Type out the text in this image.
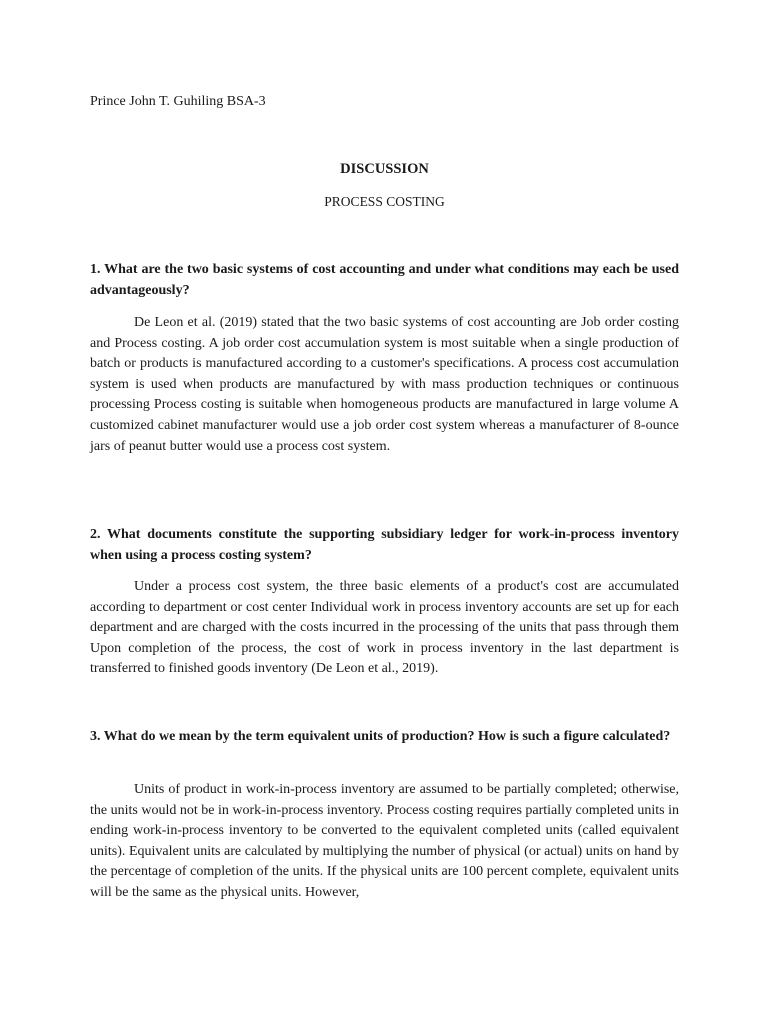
Prince John T. Guhiling BSA-3
DISCUSSION
PROCESS COSTING
1. What are the two basic systems of cost accounting and under what conditions may each be used advantageously?
De Leon et al. (2019) stated that the two basic systems of cost accounting are Job order costing and Process costing. A job order cost accumulation system is most suitable when a single production of batch or products is manufactured according to a customer's specifications. A process cost accumulation system is used when products are manufactured by with mass production techniques or continuous processing Process costing is suitable when homogeneous products are manufactured in large volume A customized cabinet manufacturer would use a job order cost system whereas a manufacturer of 8-ounce jars of peanut butter would use a process cost system.
2. What documents constitute the supporting subsidiary ledger for work-in-process inventory when using a process costing system?
Under a process cost system, the three basic elements of a product's cost are accumulated according to department or cost center Individual work in process inventory accounts are set up for each department and are charged with the costs incurred in the processing of the units that pass through them Upon completion of the process, the cost of work in process inventory in the last department is transferred to finished goods inventory (De Leon et al., 2019).
3. What do we mean by the term equivalent units of production? How is such a figure calculated?
Units of product in work-in-process inventory are assumed to be partially completed; otherwise, the units would not be in work-in-process inventory. Process costing requires partially completed units in ending work-in-process inventory to be converted to the equivalent completed units (called equivalent units). Equivalent units are calculated by multiplying the number of physical (or actual) units on hand by the percentage of completion of the units. If the physical units are 100 percent complete, equivalent units will be the same as the physical units. However,
